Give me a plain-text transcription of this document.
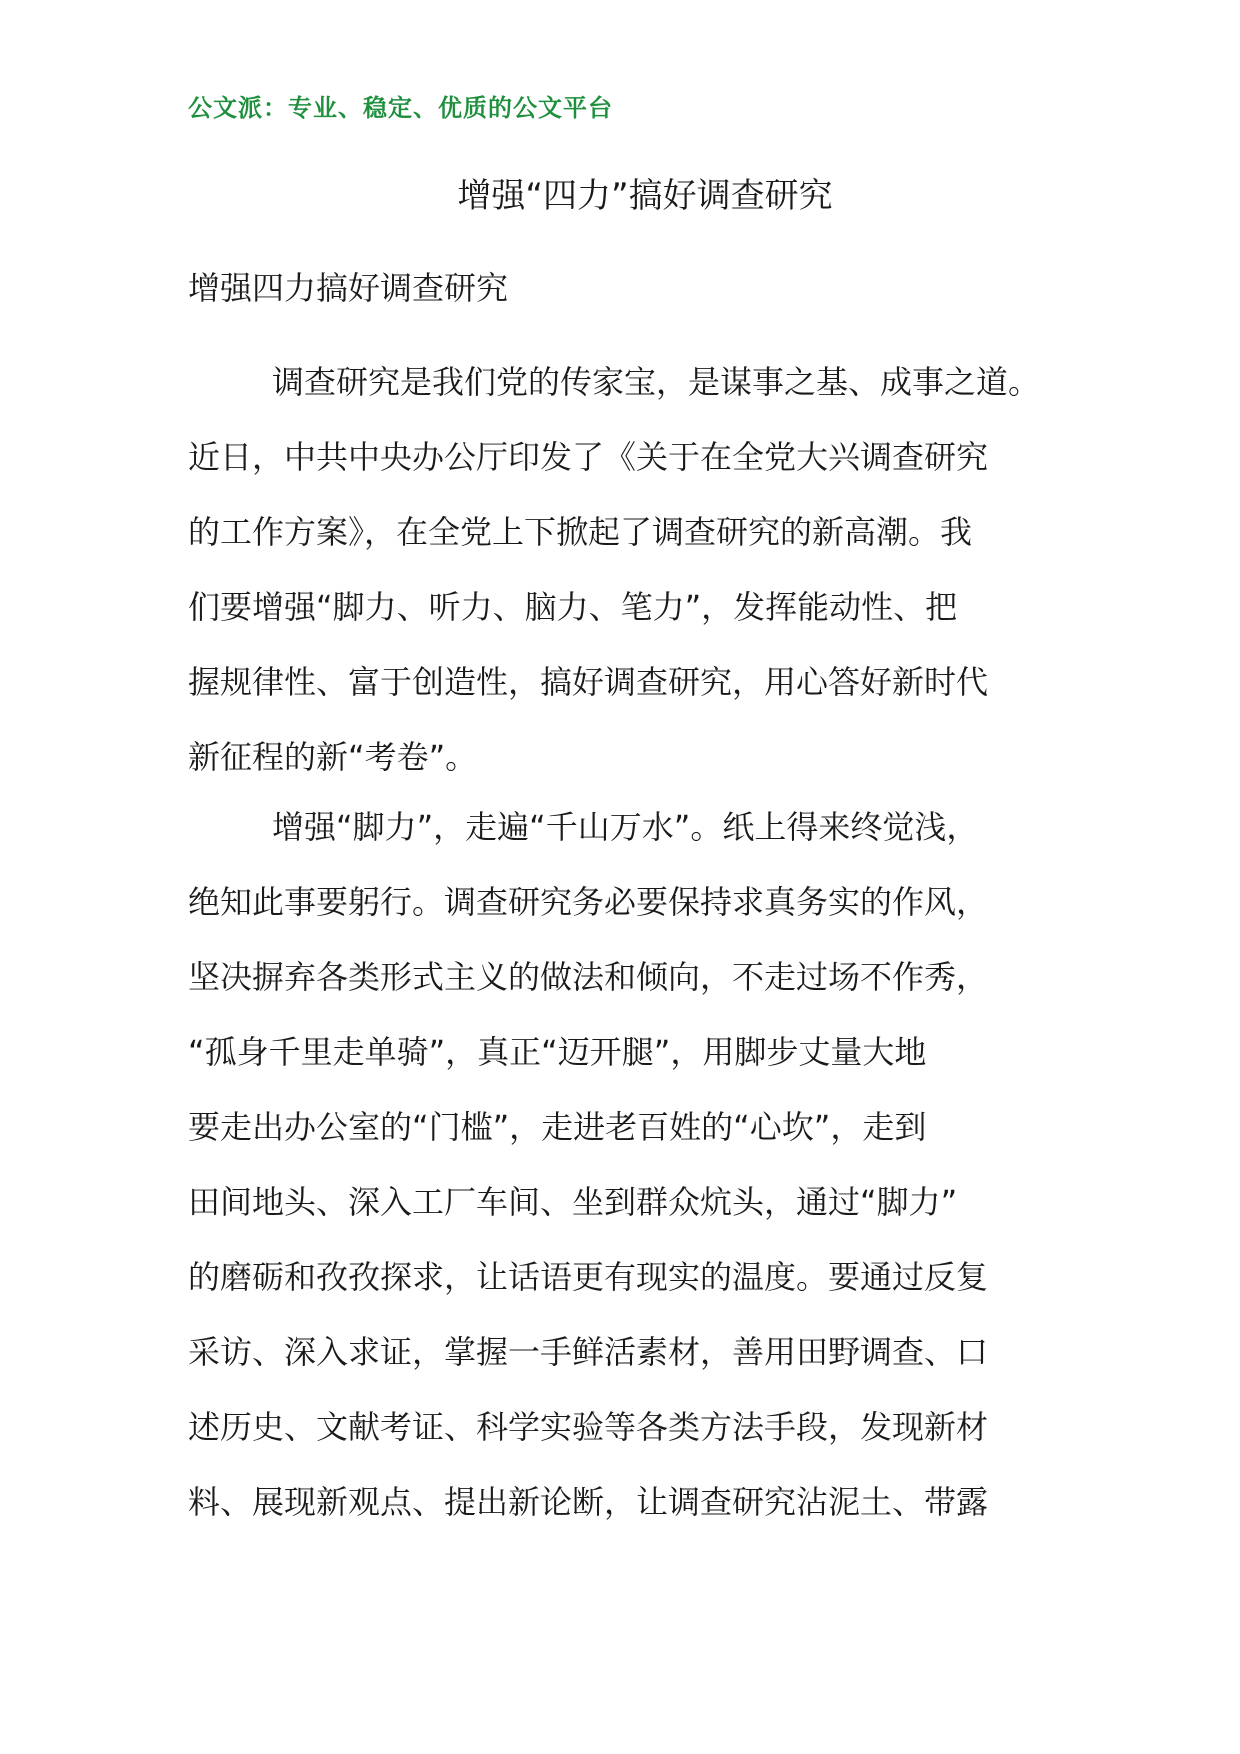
公文派：专业、稳定、优质的公文平台
增强“四力”搞好调查研究
增强四力搞好调查研究
调查研究是我们党的传家宝，是谋事之基、成事之道。
近日，中共中央办公厅印发了《关于在全党大兴调查研究
的工作方案》，在全党上下掀起了调查研究的新高潮。我
们要增强“脚力、听力、脑力、笔力”，发挥能动性、把
握规律性、富于创造性，搞好调查研究，用心答好新时代
新征程的新“考卷”。
增强“脚力”，走遍“千山万水”。纸上得来终觉浅，
绝知此事要躬行。调查研究务必要保持求真务实的作风，
坚决摒弃各类形式主义的做法和倾向，不走过场不作秀，
“孤身千里走单骑”，真正“迈开腿”，用脚步丈量大地
要走出办公室的“门槛”，走进老百姓的“心坎”，走到
田间地头、深入工厂车间、坐到群众炕头，通过“脚力”
的磨砺和孜孜探求，让话语更有现实的温度。要通过反复
采访、深入求证，掌握一手鲜活素材，善用田野调查、口
述历史、文献考证、科学实验等各类方法手段，发现新材
料、展现新观点、提出新论断，让调查研究沾泥土、带露
